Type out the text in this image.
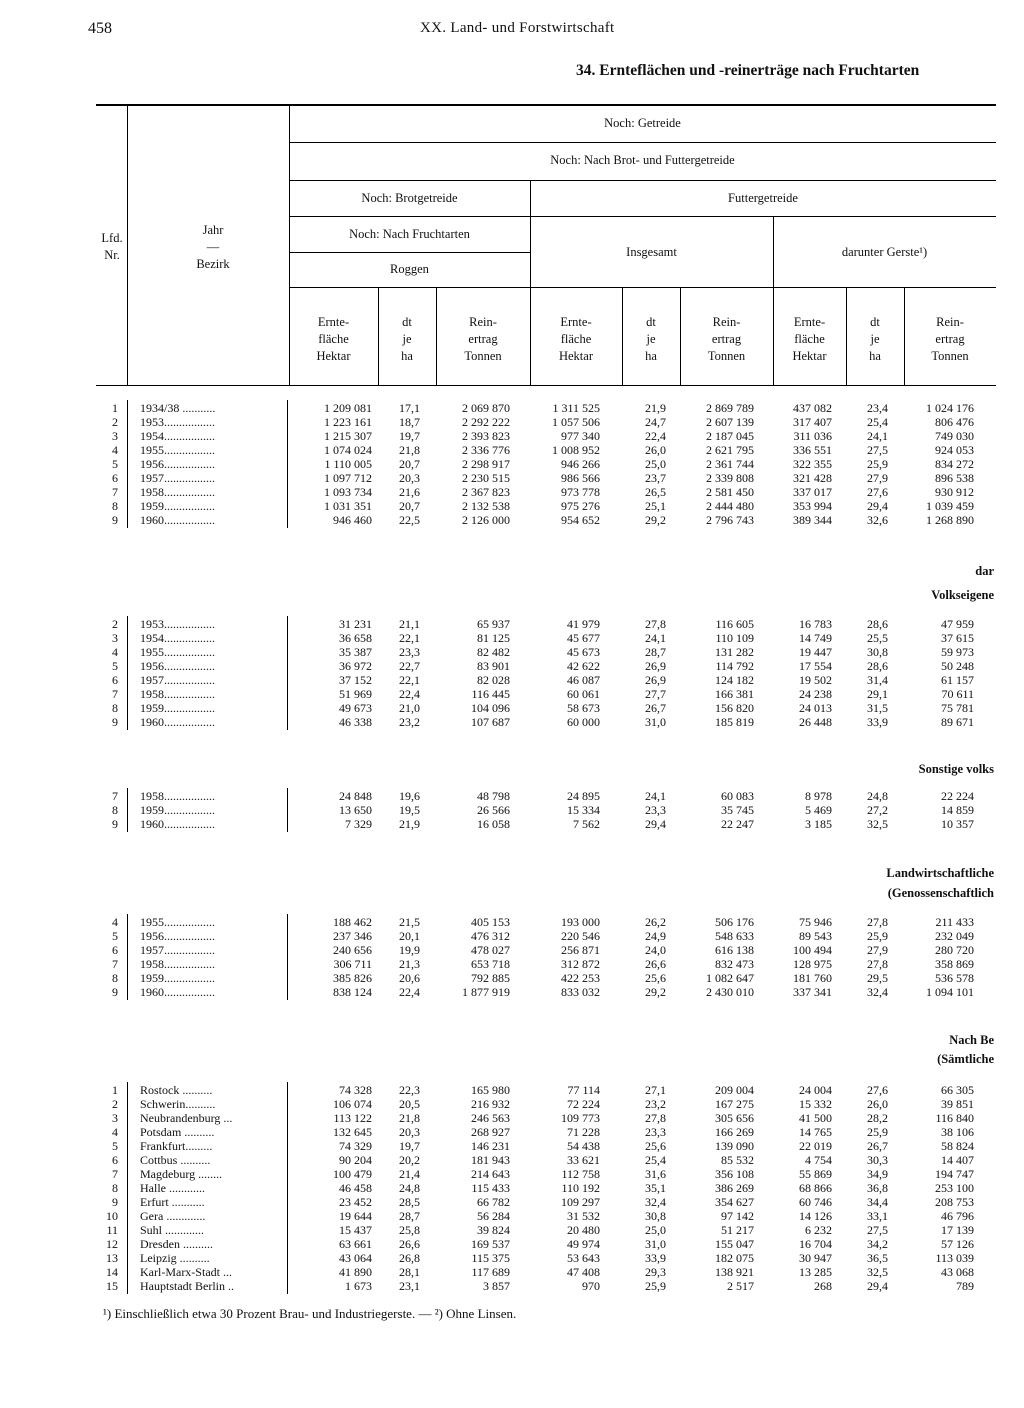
458	XX. Land- und Forstwirtschaft
34. Ernteflächen und -reinerträge nach Fruchtarten
Lfd.
Nr.
Jahr
—
Bezirk
Noch: Getreide
Noch: Nach Brot- und Futtergetreide
Noch: Brotgetreide	Futtergetreide
Noch: Nach Fruchtarten
Roggen
Insgesamt	darunter Gerste¹)
Ernte-
fläche
Hektar
dt
je
ha
Rein-
ertrag
Tonnen
Ernte-
fläche
Hektar
dt
je
ha
Rein-
ertrag
Tonnen
Ernte-
fläche
Hektar
dt
je
ha
Rein-
ertrag
Tonnen
1 1934/38 ...........	1 209 081	17,1	2 069 870	1 311 525	21,9	2 869 789	437 082	23,4	1 024 176
2 1953.................	1 223 161	18,7	2 292 222	1 057 506	24,7	2 607 139	317 407	25,4	806 476
3 1954.................	1 215 307	19,7	2 393 823	977 340	22,4	2 187 045	311 036	24,1	749 030
4 1955.................	1 074 024	21,8	2 336 776	1 008 952	26,0	2 621 795	336 551	27,5	924 053
5 1956.................	1 110 005	20,7	2 298 917	946 266	25,0	2 361 744	322 355	25,9	834 272
6 1957.................	1 097 712	20,3	2 230 515	986 566	23,7	2 339 808	321 428	27,9	896 538
7 1958.................	1 093 734	21,6	2 367 823	973 778	26,5	2 581 450	337 017	27,6	930 912
8 1959.................	1 031 351	20,7	2 132 538	975 276	25,1	2 444 480	353 994	29,4	1 039 459
9 1960.................	946 460	22,5	2 126 000	954 652	29,2	2 796 743	389 344	32,6	1 268 890
dar
Volkseigene
2 1953.................	31 231	21,1	65 937	41 979	27,8	116 605	16 783	28,6	47 959
3 1954.................	36 658	22,1	81 125	45 677	24,1	110 109	14 749	25,5	37 615
4 1955.................	35 387	23,3	82 482	45 673	28,7	131 282	19 447	30,8	59 973
5 1956.................	36 972	22,7	83 901	42 622	26,9	114 792	17 554	28,6	50 248
6 1957.................	37 152	22,1	82 028	46 087	26,9	124 182	19 502	31,4	61 157
7 1958.................	51 969	22,4	116 445	60 061	27,7	166 381	24 238	29,1	70 611
8 1959.................	49 673	21,0	104 096	58 673	26,7	156 820	24 013	31,5	75 781
9 1960.................	46 338	23,2	107 687	60 000	31,0	185 819	26 448	33,9	89 671
Sonstige volks
7 1958.................	24 848	19,6	48 798	24 895	24,1	60 083	8 978	24,8	22 224
8 1959.................	13 650	19,5	26 566	15 334	23,3	35 745	5 469	27,2	14 859
9 1960.................	7 329	21,9	16 058	7 562	29,4	22 247	3 185	32,5	10 357
Landwirtschaftliche
(Genossenschaftlich
4 1955.................	188 462	21,5	405 153	193 000	26,2	506 176	75 946	27,8	211 433
5 1956.................	237 346	20,1	476 312	220 546	24,9	548 633	89 543	25,9	232 049
6 1957.................	240 656	19,9	478 027	256 871	24,0	616 138	100 494	27,9	280 720
7 1958.................	306 711	21,3	653 718	312 872	26,6	832 473	128 975	27,8	358 869
8 1959.................	385 826	20,6	792 885	422 253	25,6	1 082 647	181 760	29,5	536 578
9 1960.................	838 124	22,4	1 877 919	833 032	29,2	2 430 010	337 341	32,4	1 094 101
Nach Be
(Sämtliche
1 Rostock ..........	74 328	22,3	165 980	77 114	27,1	209 004	24 004	27,6	66 305
2 Schwerin..........	106 074	20,5	216 932	72 224	23,2	167 275	15 332	26,0	39 851
3 Neubrandenburg ...	113 122	21,8	246 563	109 773	27,8	305 656	41 500	28,2	116 840
4 Potsdam ..........	132 645	20,3	268 927	71 228	23,3	166 269	14 765	25,9	38 106
5 Frankfurt.........	74 329	19,7	146 231	54 438	25,6	139 090	22 019	26,7	58 824
6 Cottbus ..........	90 204	20,2	181 943	33 621	25,4	85 532	4 754	30,3	14 407
7 Magdeburg ........	100 479	21,4	214 643	112 758	31,6	356 108	55 869	34,9	194 747
8 Halle ............	46 458	24,8	115 433	110 192	35,1	386 269	68 866	36,8	253 100
9 Erfurt ...........	23 452	28,5	66 782	109 297	32,4	354 627	60 746	34,4	208 753
10 Gera .............	19 644	28,7	56 284	31 532	30,8	97 142	14 126	33,1	46 796
11 Suhl .............	15 437	25,8	39 824	20 480	25,0	51 217	6 232	27,5	17 139
12 Dresden ..........	63 661	26,6	169 537	49 974	31,0	155 047	16 704	34,2	57 126
13 Leipzig ..........	43 064	26,8	115 375	53 643	33,9	182 075	30 947	36,5	113 039
14 Karl-Marx-Stadt ...	41 890	28,1	117 689	47 408	29,3	138 921	13 285	32,5	43 068
15 Hauptstadt Berlin ..	1 673	23,1	3 857	970	25,9	2 517	268	29,4	789
¹) Einschließlich etwa 30 Prozent Brau- und Industriegerste. — ²) Ohne Linsen.
